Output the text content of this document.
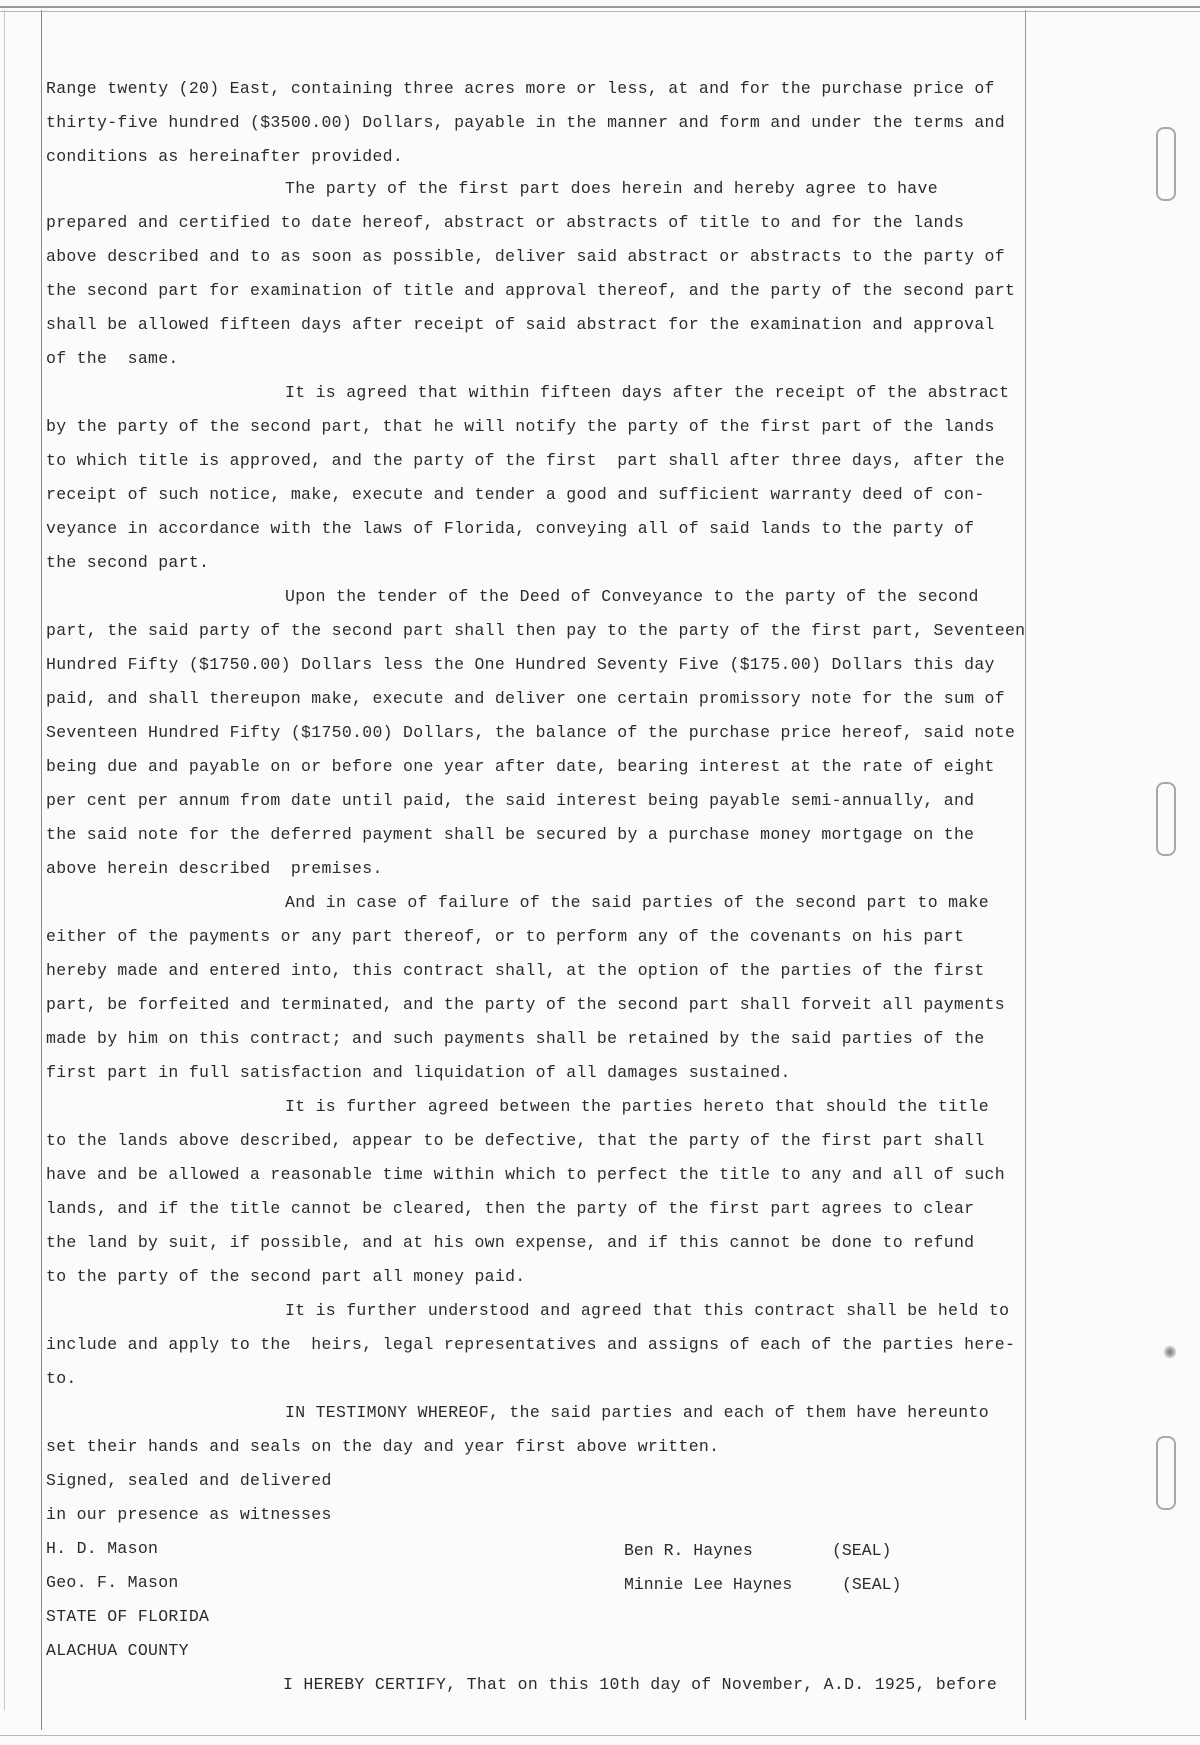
Range twenty (20) East, containing three acres more or less, at and for the purchase price of
thirty-five hundred ($3500.00) Dollars, payable in the manner and form and under the terms and
conditions as hereinafter provided.
The party of the first part does herein and hereby agree to have
prepared and certified to date hereof, abstract or abstracts of title to and for the lands
above described and to as soon as possible, deliver said abstract or abstracts to the party of
the second part for examination of title and approval thereof, and the party of the second part
shall be allowed fifteen days after receipt of said abstract for the examination and approval
of the  same.
It is agreed that within fifteen days after the receipt of the abstract
by the party of the second part, that he will notify the party of the first part of the lands
to which title is approved, and the party of the first  part shall after three days, after the
receipt of such notice, make, execute and tender a good and sufficient warranty deed of con-
veyance in accordance with the laws of Florida, conveying all of said lands to the party of
the second part.
Upon the tender of the Deed of Conveyance to the party of the second
part, the said party of the second part shall then pay to the party of the first part, Seventeen
Hundred Fifty ($1750.00) Dollars less the One Hundred Seventy Five ($175.00) Dollars this day
paid, and shall thereupon make, execute and deliver one certain promissory note for the sum of
Seventeen Hundred Fifty ($1750.00) Dollars, the balance of the purchase price hereof, said note
being due and payable on or before one year after date, bearing interest at the rate of eight
per cent per annum from date until paid, the said interest being payable semi-annually, and
the said note for the deferred payment shall be secured by a purchase money mortgage on the
above herein described  premises.
And in case of failure of the said parties of the second part to make
either of the payments or any part thereof, or to perform any of the covenants on his part
hereby made and entered into, this contract shall, at the option of the parties of the first
part, be forfeited and terminated, and the party of the second part shall forveit all payments
made by him on this contract; and such payments shall be retained by the said parties of the
first part in full satisfaction and liquidation of all damages sustained.
It is further agreed between the parties hereto that should the title
to the lands above described, appear to be defective, that the party of the first part shall
have and be allowed a reasonable time within which to perfect the title to any and all of such
lands, and if the title cannot be cleared, then the party of the first part agrees to clear
the land by suit, if possible, and at his own expense, and if this cannot be done to refund
to the party of the second part all money paid.
It is further understood and agreed that this contract shall be held to
include and apply to the  heirs, legal representatives and assigns of each of the parties here-
to.
IN TESTIMONY WHEREOF, the said parties and each of them have hereunto
set their hands and seals on the day and year first above written.
Signed, sealed and delivered
in our presence as witnesses
H. D. Mason
Geo. F. Mason
Ben R. Haynes	(SEAL)
Minnie Lee Haynes	(SEAL)
STATE OF FLORIDA
ALACHUA COUNTY
I HEREBY CERTIFY, That on this 10th day of November, A.D. 1925, before
